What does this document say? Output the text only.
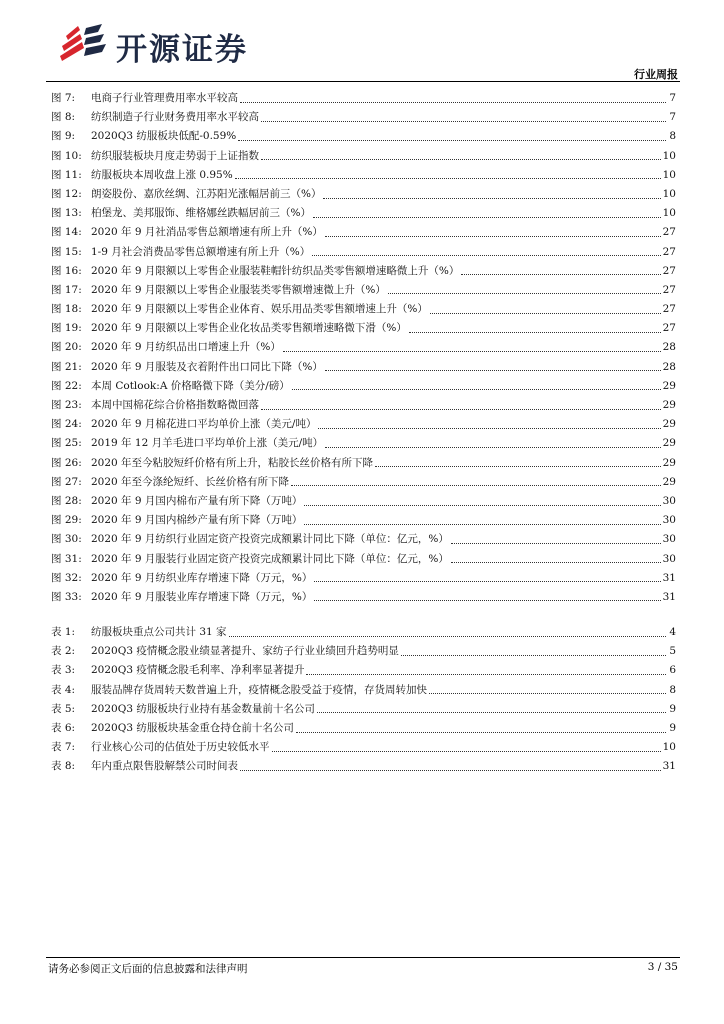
开源证券
行业周报
图 7:	电商子行业管理费用率水平较高	7
图 8:	纺织制造子行业财务费用率水平较高	7
图 9:	2020Q3 纺服板块低配-0.59%	8
图 10: 纺织服装板块月度走势弱于上证指数	10
图 11: 纺服板块本周收盘上涨 0.95%	10
图 12: 朗姿股份、嘉欣丝绸、江苏阳光涨幅居前三（%）	10
图 13: 柏堡龙、美邦服饰、维格娜丝跌幅居前三（%）	10
图 14: 2020 年 9 月社消品零售总额增速有所上升（%）	27
图 15: 1-9 月社会消费品零售总额增速有所上升（%）	27
图 16: 2020 年 9 月限额以上零售企业服装鞋帽针纺织品类零售额增速略微上升（%）	27
图 17: 2020 年 9 月限额以上零售企业服装类零售额增速微上升（%）	27
图 18: 2020 年 9 月限额以上零售企业体育、娱乐用品类零售额增速上升（%）	27
图 19: 2020 年 9 月限额以上零售企业化妆品类零售额增速略微下滑（%）	27
图 20: 2020 年 9 月纺织品出口增速上升（%）	28
图 21: 2020 年 9 月服装及衣着附件出口同比下降（%）	28
图 22: 本周 Cotlook:A 价格略微下降（美分/磅）	29
图 23: 本周中国棉花综合价格指数略微回落	29
图 24: 2020 年 9 月棉花进口平均单价上涨（美元/吨）	29
图 25: 2019 年 12 月羊毛进口平均单价上涨（美元/吨）	29
图 26: 2020 年至今粘胶短纤价格有所上升，粘胶长丝价格有所下降	29
图 27: 2020 年至今涤纶短纤、长丝价格有所下降	29
图 28: 2020 年 9 月国内棉布产量有所下降（万吨）	30
图 29: 2020 年 9 月国内棉纱产量有所下降（万吨）	30
图 30: 2020 年 9 月纺织行业固定资产投资完成额累计同比下降（单位：亿元，%）	30
图 31: 2020 年 9 月服装行业固定资产投资完成额累计同比下降（单位：亿元，%）	30
图 32: 2020 年 9 月纺织业库存增速下降（万元，%）	31
图 33: 2020 年 9 月服装业库存增速下降（万元，%）	31
表 1:	纺服板块重点公司共计 31 家	4
表 2:	2020Q3 疫情概念股业绩显著提升、家纺子行业业绩回升趋势明显	5
表 3:	2020Q3 疫情概念股毛利率、净利率显著提升	6
表 4:	服装品牌存货周转天数普遍上升，疫情概念股受益于疫情，存货周转加快	8
表 5:	2020Q3 纺服板块行业持有基金数量前十名公司	9
表 6:	2020Q3 纺服板块基金重仓持仓前十名公司	9
表 7:	行业核心公司的估值处于历史较低水平	10
表 8:	年内重点限售股解禁公司时间表	31
请务必参阅正文后面的信息披露和法律声明	3 / 35
